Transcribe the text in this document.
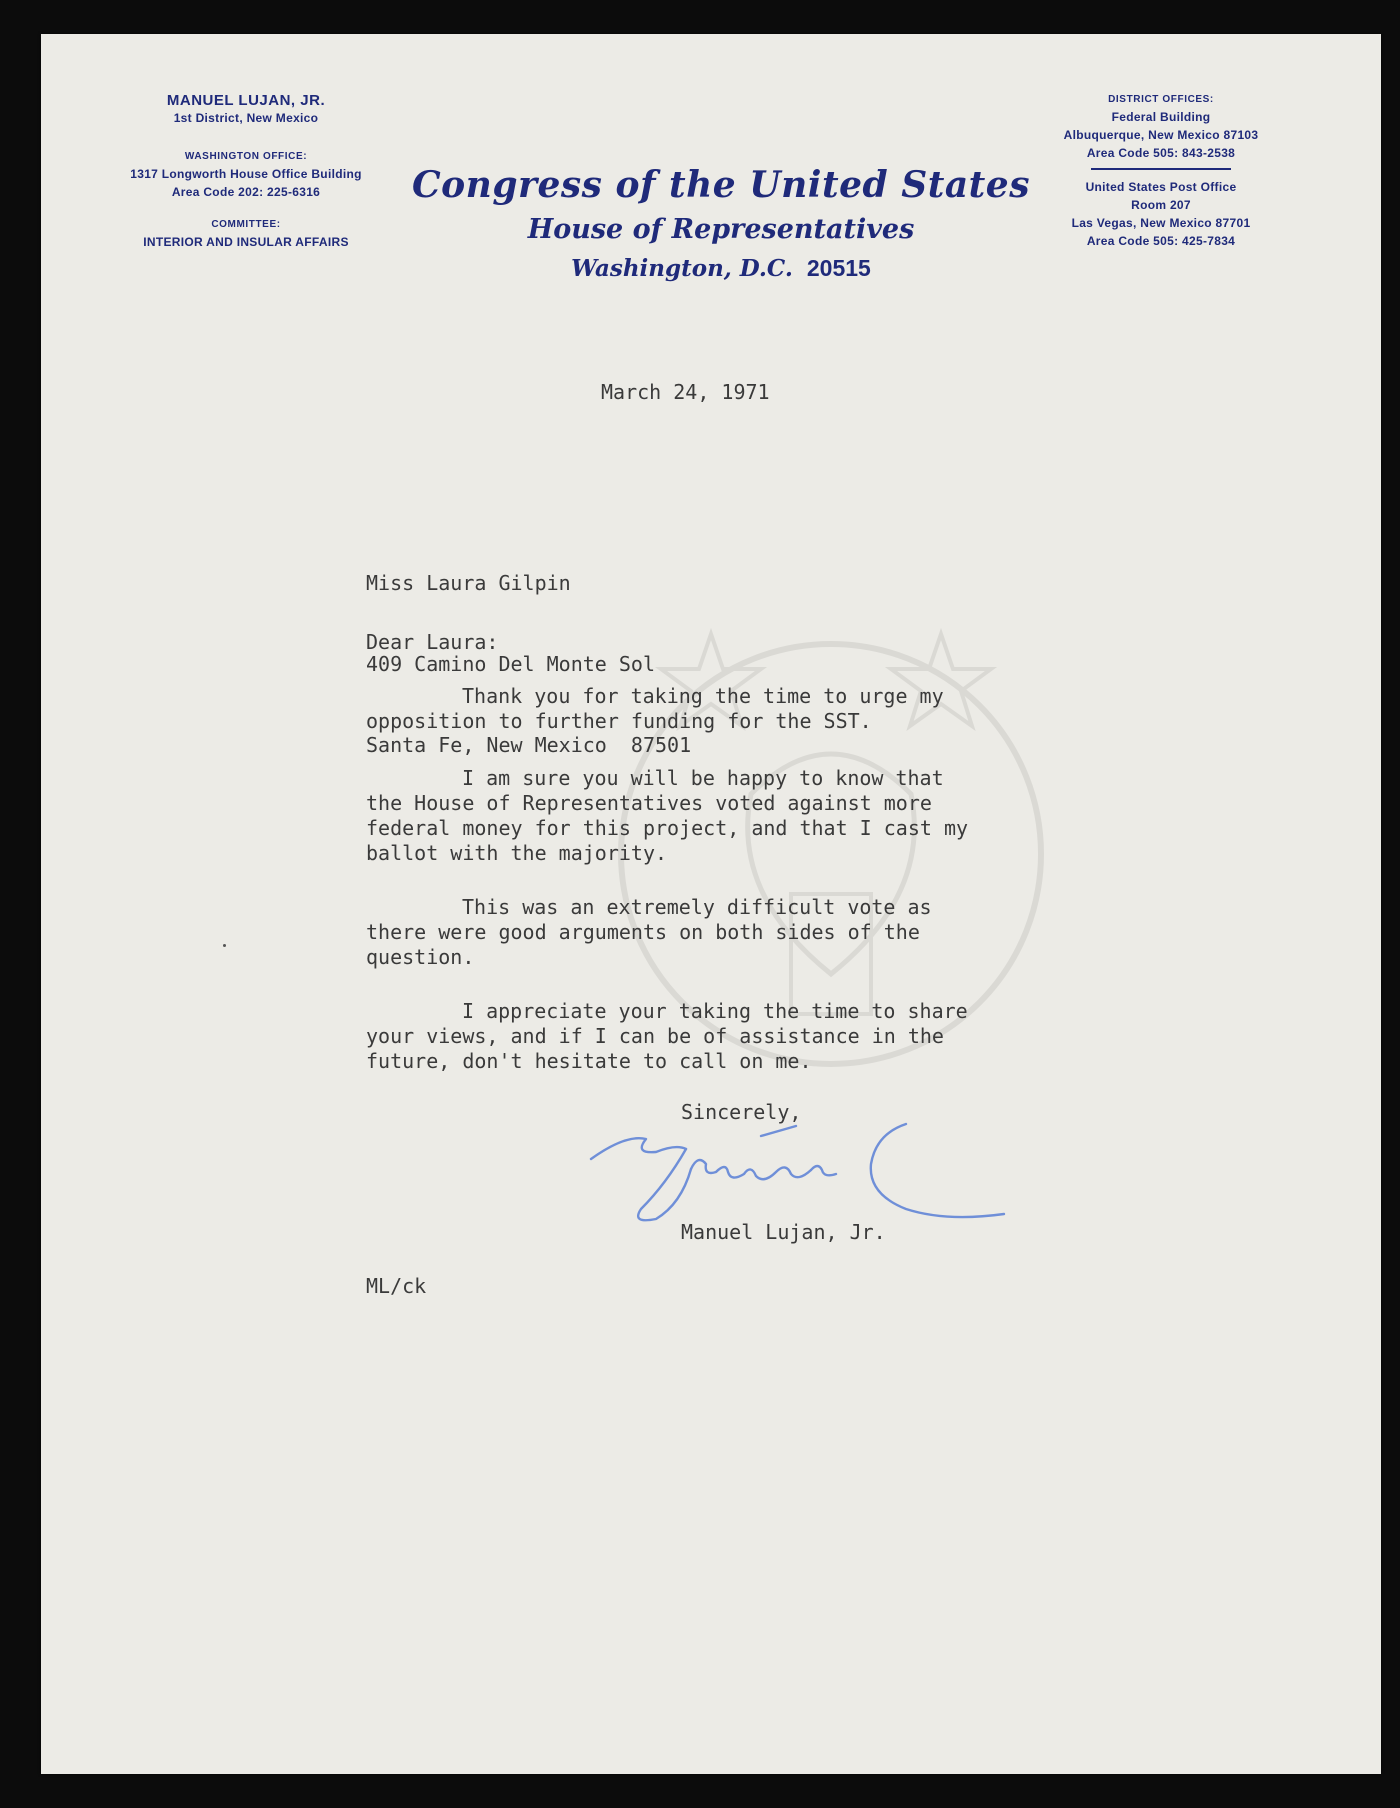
MANUEL LUJAN, JR.
1st District, New Mexico
WASHINGTON OFFICE:
1317 Longworth House Office Building
Area Code 202: 225-6316
COMMITTEE:
INTERIOR AND INSULAR AFFAIRS
Congress of the United States
House of Representatives
Washington, D.C. 20515
DISTRICT OFFICES:
Federal Building
Albuquerque, New Mexico 87103
Area Code 505: 843-2538
United States Post Office
Room 207
Las Vegas, New Mexico 87701
Area Code 505: 425-7834
March 24, 1971

Miss Laura Gilpin

409 Camino Del Monte Sol

Santa Fe, New Mexico  87501

Dear Laura:
Thank you for taking the time to urge my opposition to further funding for the SST.
I am sure you will be happy to know that the House of Representatives voted against more federal money for this project, and that I cast my ballot with the majority.
This was an extremely difficult vote as there were good arguments on both sides of the question.
I appreciate your taking the time to share your views, and if I can be of assistance in the future, don't hesitate to call on me.
Sincerely,
Manuel Lujan, Jr.
ML/ck
